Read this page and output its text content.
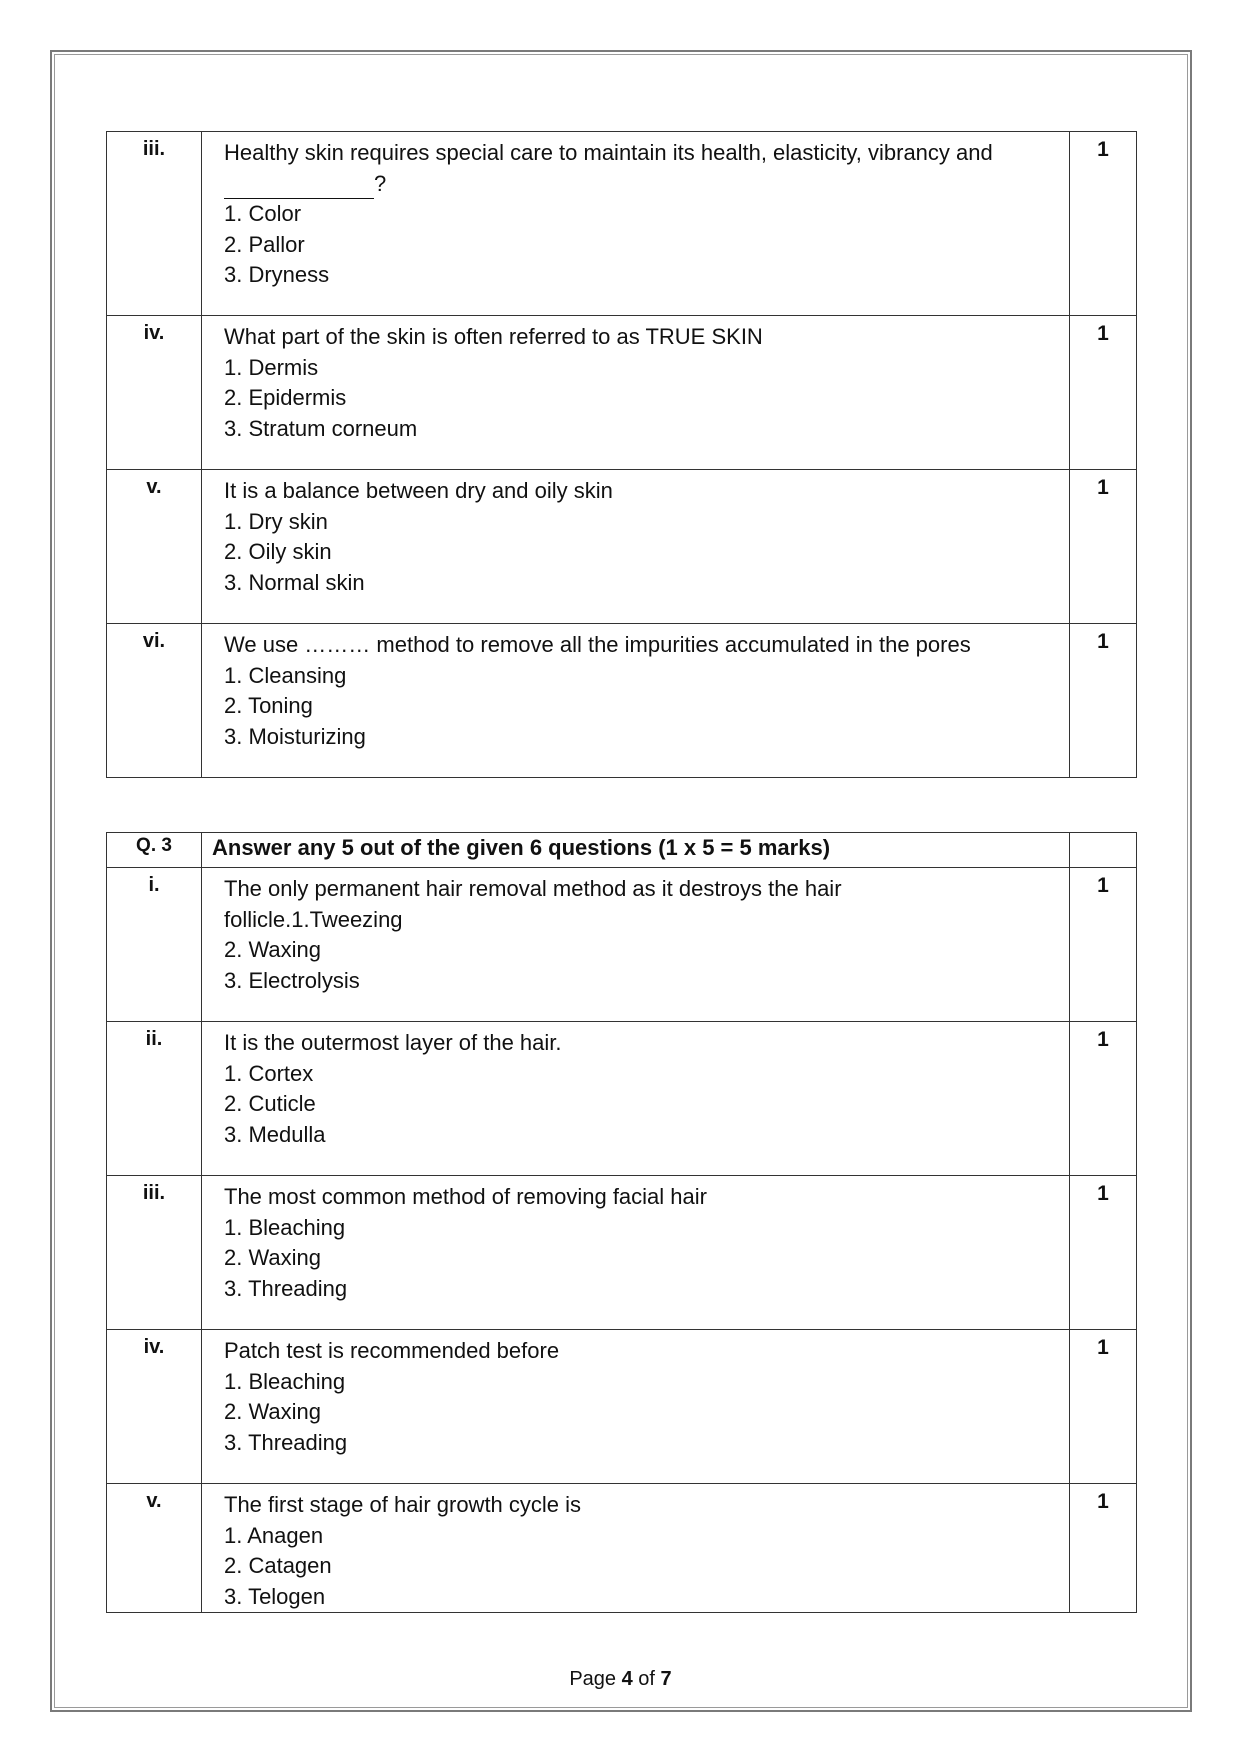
iii.	Healthy skin requires special care to maintain its health, elasticity, vibrancy and
?
1. Color
2. Pallor
3. Dryness	1
iv.	What part of the skin is often referred to as TRUE SKIN
1. Dermis
2. Epidermis
3. Stratum corneum	1
v.	It is a balance between dry and oily skin
1. Dry skin
2. Oily skin
3. Normal skin	1
vi.	We use ……… method to remove all the impurities accumulated in the pores
1. Cleansing
2. Toning
3. Moisturizing	1
Q. 3	Answer any 5 out of the given 6 questions (1 x 5 = 5 marks)	
i.	The only permanent hair removal method as it destroys the hair
follicle.1.Tweezing
2. Waxing
3. Electrolysis	1
ii.	It is the outermost layer of the hair.
1. Cortex
2. Cuticle
3. Medulla	1
iii.	The most common method of removing facial hair
1. Bleaching
2. Waxing
3. Threading	1
iv.	Patch test is recommended before
1. Bleaching
2. Waxing
3. Threading	1
v.	The first stage of hair growth cycle is
1. Anagen
2. Catagen
3. Telogen	1
Page 4 of 7
